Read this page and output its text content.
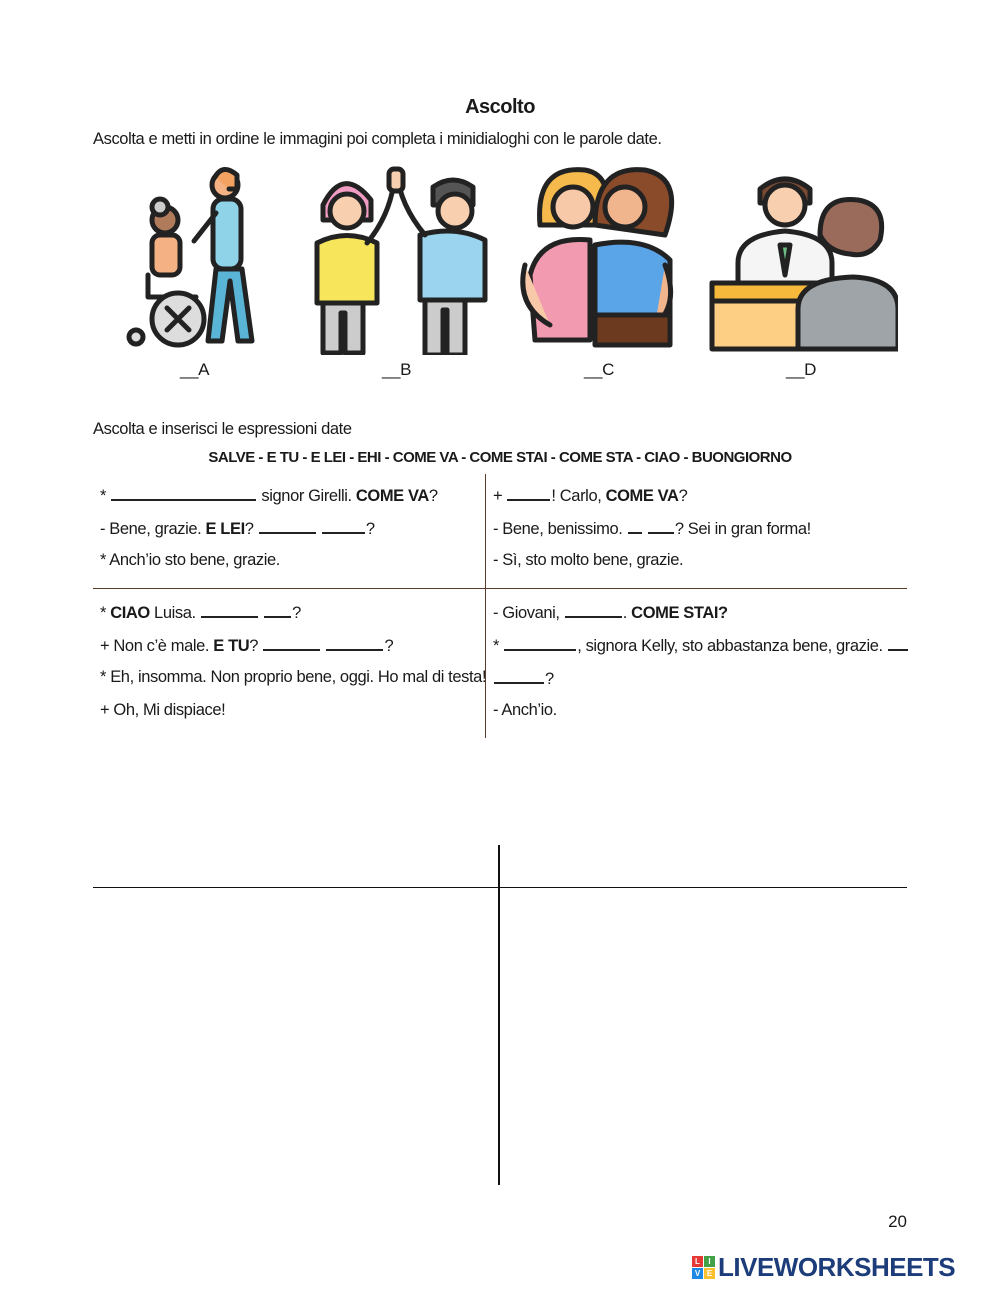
Ascolto
Ascolta e metti in ordine le immagini poi completa i minidialoghi con le parole date.
__A	__B	__C	__D
Ascolta e inserisci le espressioni date
SALVE - E TU - E LEI - EHI - COME VA - COME STAI - COME STA - CIAO - BUONGIORNO
*	signor Girelli. COME VA?
- Bene, grazie. E LEI?	?
* Anch’io sto bene, grazie.
+	! Carlo, COME VA?
- Bene, benissimo.	? Sei in gran forma!
- Sì, sto molto bene, grazie.
* CIAO Luisa.	?
+ Non c’è male. E TU?	?
* Eh, insomma. Non proprio bene, oggi. Ho mal di testa!
+ Oh, Mi dispiace!
- Giovani,	. COME STAI?
*	, signora Kelly, sto abbastanza bene, grazie.
?
- Anch’io.
20
L	I
V E LIVEWORKSHEETS
